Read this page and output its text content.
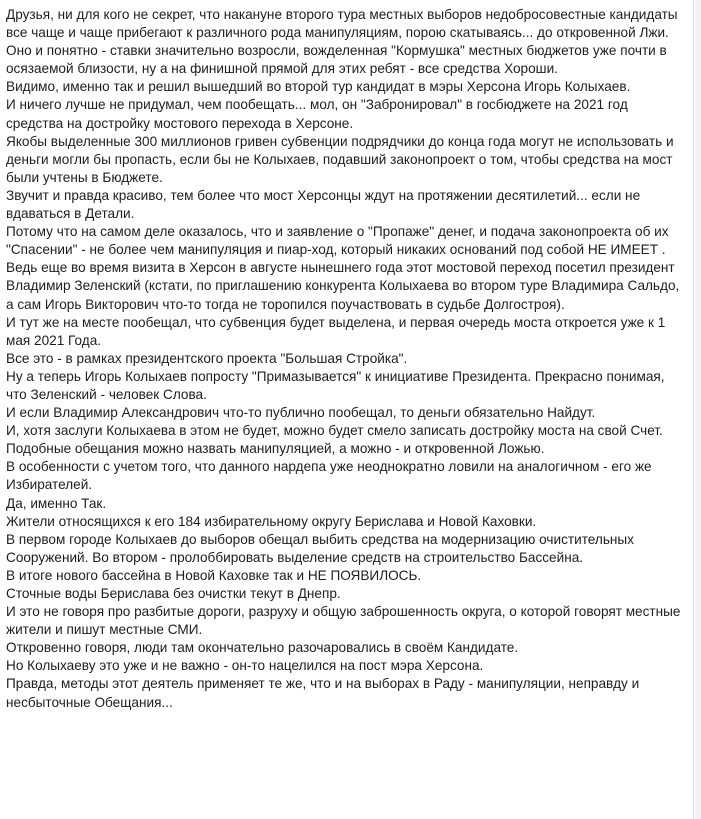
Друзья, ни для кого не секрет, что накануне второго тура местных выборов недобросовестные кандидаты все чаще и чаще прибегают к различного рода манипуляциям, порою скатываясь... до откровенной Лжи.

Оно и понятно - ставки значительно возросли, вожделенная "Кормушка" местных бюджетов уже почти в осязаемой близости, ну а на финишной прямой для этих ребят - все средства Хороши.

Видимо, именно так и решил вышедший во второй тур кандидат в мэры Херсона Игорь Колыхаев.

И ничего лучше не придумал, чем пообещать... мол, он "Забронировал" в госбюджете на 2021 год средства на достройку мостового перехода в Херсоне.

Якобы выделенные 300 миллионов гривен субвенции подрядчики до конца года могут не использовать и деньги могли бы пропасть, если бы не Колыхаев, подавший законопроект о том, чтобы средства на мост были учтены в Бюджете.

Звучит и правда красиво, тем более что мост Херсонцы ждут на протяжении десятилетий... если не вдаваться в Детали.

Потому что на самом деле оказалось, что и заявление о "Пропаже" денег, и подача законопроекта об их "Спасении" - не более чем манипуляция и пиар-ход, который никаких оснований под собой НЕ ИМЕЕТ .

Ведь еще во время визита в Херсон в августе нынешнего года этот мостовой переход посетил президент Владимир Зеленский (кстати, по приглашению конкурента Колыхаева во втором туре Владимира Сальдо, а сам Игорь Викторович что-то тогда не торопился поучаствовать в судьбе Долгостроя).

И тут же на месте пообещал, что субвенция будет выделена, и первая очередь моста откроется уже к 1 мая 2021 Года.

Все это - в рамках президентского проекта "Большая Стройка".

Ну а теперь Игорь Колыхаев попросту "Примазывается" к инициативе Президента. Прекрасно понимая, что Зеленский - человек Слова.

И если Владимир Александрович что-то публично пообещал, то деньги обязательно Найдут.

И, хотя заслуги Колыхаева в этом не будет, можно будет смело записать достройку моста на свой Счет.

Подобные обещания можно назвать манипуляцией, а можно - и откровенной Ложью.

В особенности с учетом того, что данного нардепа уже неоднократно ловили на аналогичном - его же Избирателей.

Да, именно Так.

Жители относящихся к его 184 избирательному округу Берислава и Новой Каховки.

В первом городе Колыхаев до выборов обещал выбить средства на модернизацию очистительных Сооружений. Во втором - пролоббировать выделение средств на строительство Бассейна.

В итоге нового бассейна в Новой Каховке так и НЕ ПОЯВИЛОСЬ.

Сточные воды Берислава без очистки текут в Днепр.

И это не говоря про разбитые дороги, разруху и общую заброшенность округа, о которой говорят местные жители и пишут местные СМИ.

Откровенно говоря, люди там окончательно разочаровались в своём Кандидате.

Но Колыхаеву это уже и не важно - он-то нацелился на пост мэра Херсона.

Правда, методы этот деятель применяет те же, что и на выборах в Раду - манипуляции, неправду и несбыточные Обещания...
